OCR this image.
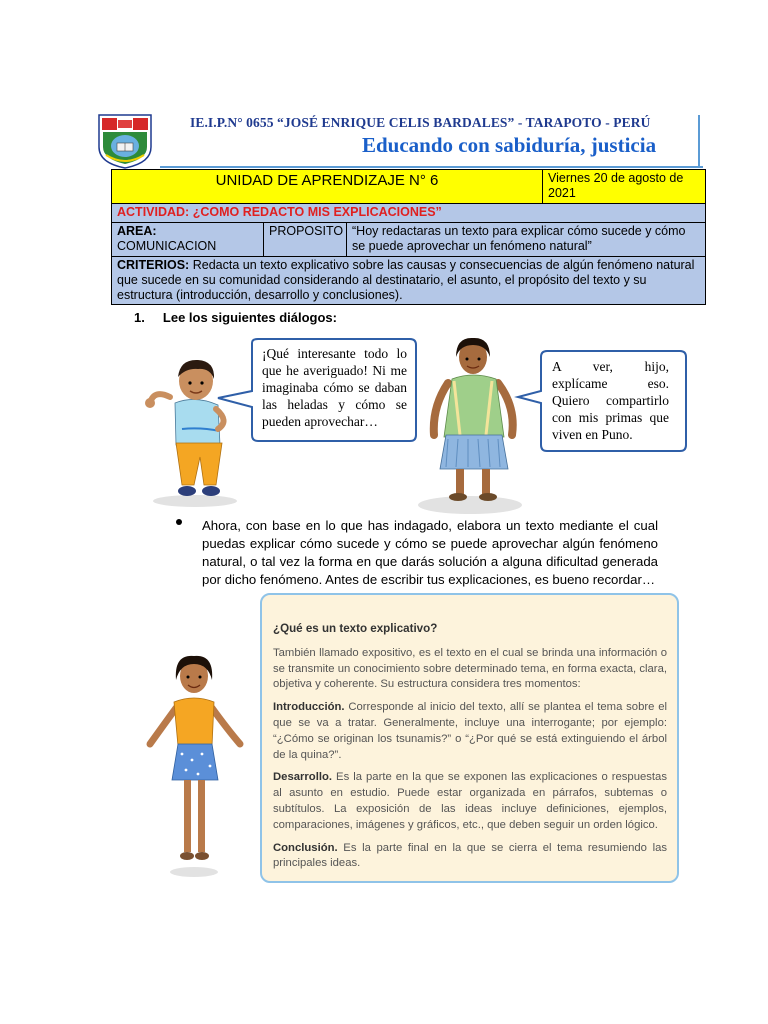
IE.I.P.N° 0655 “JOSÉ ENRIQUE CELIS BARDALES” - TARAPOTO - PERÚ
Educando con sabiduría, justicia
UNIDAD DE APRENDIZAJE N° 6			Viernes 20 de agosto de 2021
ACTIVIDAD: ¿COMO REDACTO MIS EXPLICACIONES”			
AREA: COMUNICACION	PROPOSITO	“Hoy redactaras un texto para explicar cómo sucede y cómo se puede aprovechar un fenómeno natural”	
CRITERIOS: Redacta un texto explicativo sobre las causas y consecuencias de algún fenómeno natural que sucede en su comunidad considerando al destinatario, el asunto, el propósito del texto y su estructura (introducción, desarrollo y conclusiones).			
1.     Lee los siguientes diálogos:
¡Qué interesante todo lo que he averiguado! Ni me imaginaba cómo se daban las heladas y cómo se pueden aprovechar…
A ver, hijo, explícame eso. Quiero compartirlo con mis primas que viven en Puno.
Ahora, con base en lo que has indagado, elabora un texto mediante el cual puedas explicar cómo sucede y cómo se puede aprovechar algún fenómeno natural, o tal vez la forma en que darás solución a alguna dificultad generada por dicho fenómeno. Antes de escribir tus explicaciones, es bueno recordar…

¿Qué es un texto explicativo?

También llamado expositivo, es el texto en el cual se brinda una información o se transmite un conocimiento sobre determinado tema, en forma exacta, clara, objetiva y coherente. Su estructura considera tres momentos:

Introducción. Corresponde al inicio del texto, allí se plantea el tema sobre el que se va a tratar. Generalmente, incluye una interrogante; por ejemplo: “¿Cómo se originan los tsunamis?” o “¿Por qué se está extinguiendo el árbol de la quina?”.

Desarrollo. Es la parte en la que se exponen las explicaciones o respuestas al asunto en estudio. Puede estar organizada en párrafos, subtemas o subtítulos. La exposición de las ideas incluye definiciones, ejemplos, comparaciones, imágenes y gráficos, etc., que deben seguir un orden lógico.

Conclusión. Es la parte final en la que se cierra el tema resumiendo las principales ideas.
